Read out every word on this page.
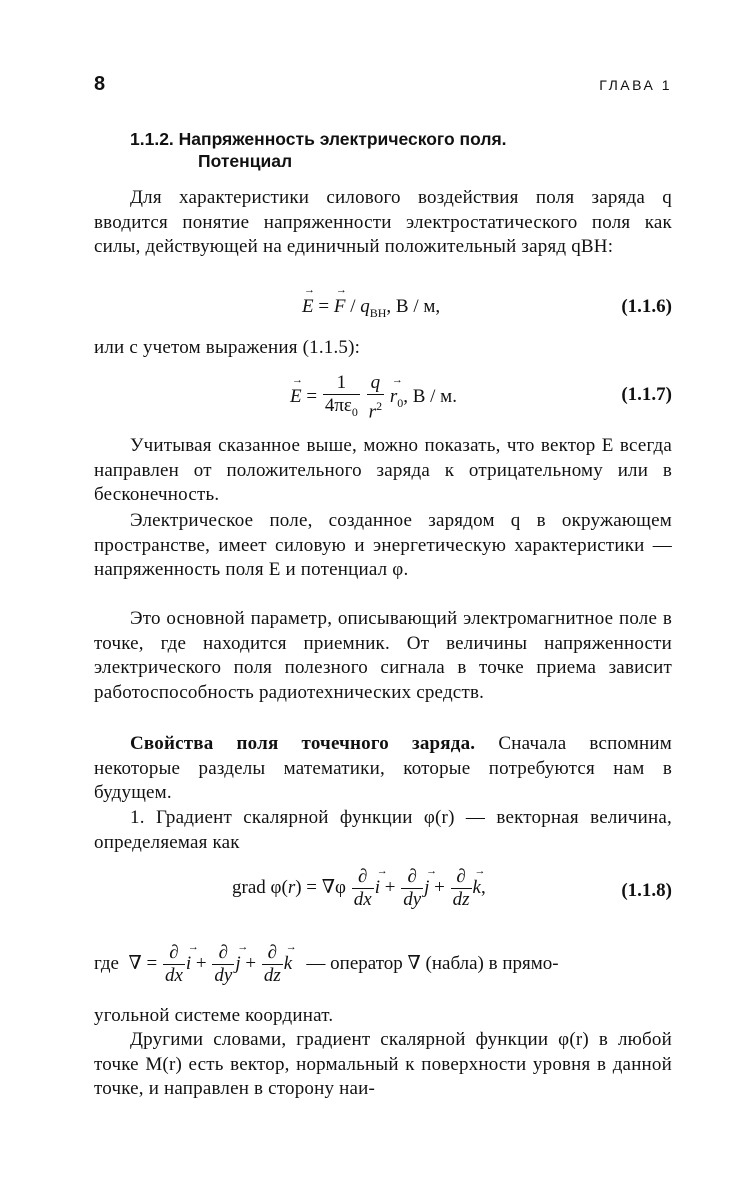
8	ГЛАВА 1
1.1.2. Напряженность электрического поля.
Потенциал
Для характеристики силового воздействия поля заряда q вводится понятие напряженности электростатического поля как силы, действующей на единичный положительный заряд qВН:
→ E = → F / $q_{ВН}$, В / м,	(1.1.6)
или с учетом выражения (1.1.5):
→ $E = \frac{1}{4\pi\varepsilon_0}$
$\frac{q}{r^2}$
→ $r_0$, В / м.	(1.1.7)
Учитывая сказанное выше, можно показать, что вектор E всегда направлен от положительного заряда к отрицательному или в бесконечность.
Электрическое поле, созданное зарядом q в окружающем пространстве, имеет силовую и энергетическую характеристики — напряженность поля E и потенциал φ.
Это основной параметр, описывающий электромагнитное поле в точке, где находится приемник. От величины напряженности электрического поля полезного сигнала в точке приема зависит работоспособность радиотехнических средств.
Свойства поля точечного заряда. Сначала вспомним некоторые разделы математики, которые потребуются нам в будущем.
1. Градиент скалярной функции φ(r) — векторная величина, определяемая как
grad $\varphi(r) = \nabla\varphi \frac{\partial}{dx}$
→ $i + \frac{\partial}{dy}$
→ $j + \frac{\partial}{dz}$
→ k,	(1.1.8)
где  ∇ = $\frac{\partial}{dx}$
→ $i + \frac{\partial}{dy}$
→ $j + \frac{\partial}{dz}$
→ k — оператор ∇ (набла) в прямо-
угольной системе координат.
Другими словами, градиент скалярной функции φ(r) в любой точке M(r) есть вектор, нормальный к поверхности уровня в данной точке, и направлен в сторону наи-
